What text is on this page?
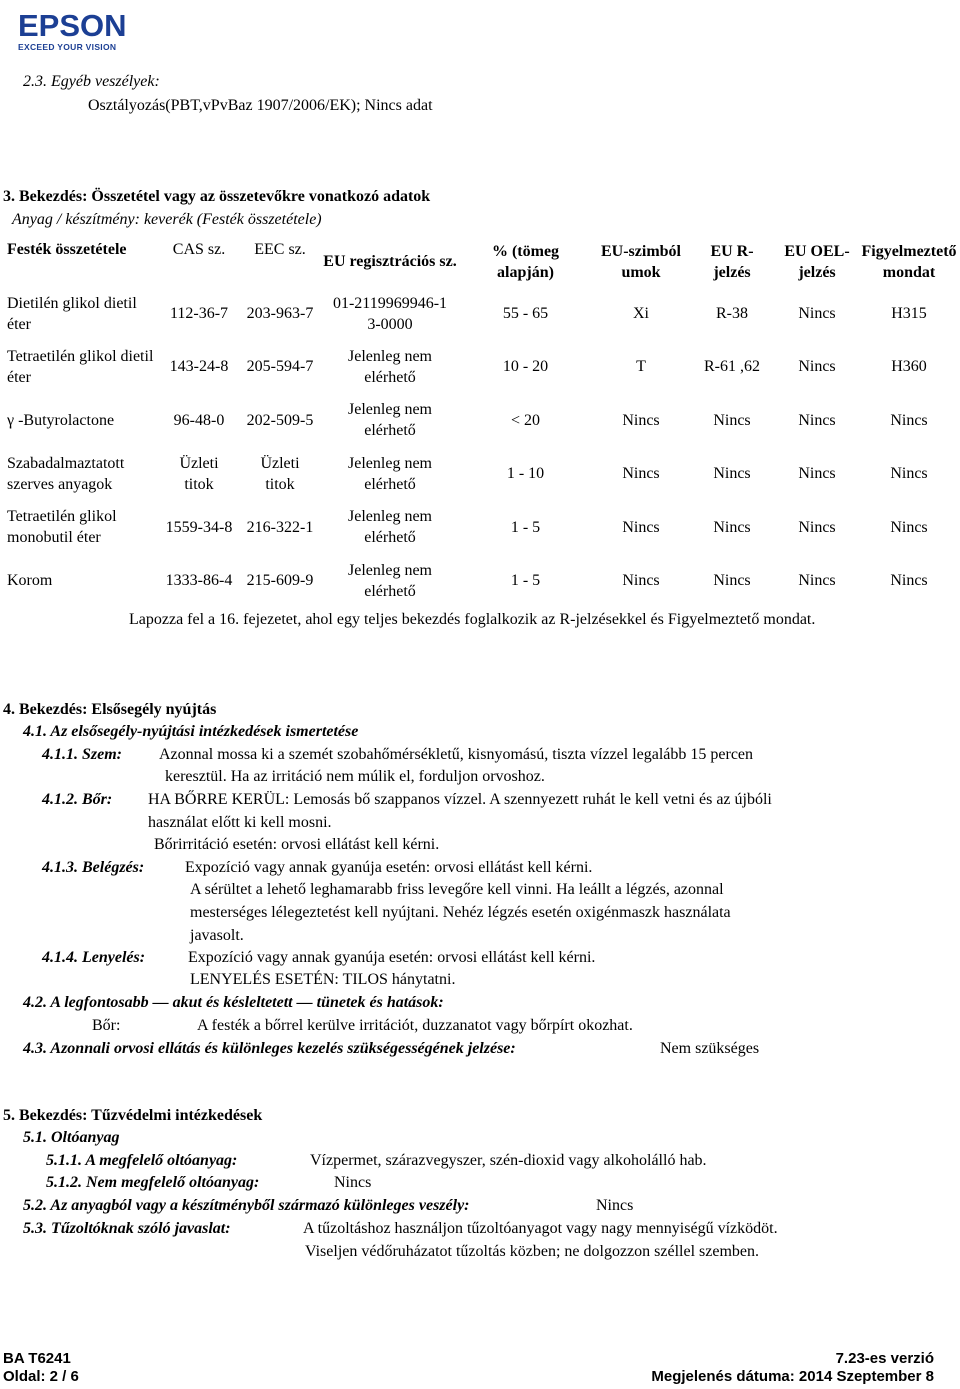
EPSON
EXCEED YOUR VISION
2.3. Egyéb veszélyek:
Osztályozás(PBT,vPvBaz 1907/2006/EK); Nincs adat
3. Bekezdés: Összetétel vagy az összetevőkre vonatkozó adatok
Anyag / készítmény: keverék (Festék összetétele)
Festék összetétele	CAS sz.	EEC sz.	EU regisztrációs sz.	% (tömeg alapján)	EU-szimbólumok	EU R-jelzés	EU OEL-jelzés	Figyelmeztető mondat
Dietilén glikol dietil éter	112-36-7	203-963-7	01-2119969946-13-0000	55 - 65	Xi	R-38	Nincs	H315
Tetraetilén glikol dietil éter	143-24-8	205-594-7	Jelenleg nem elérhető	10 - 20	T	R-61 ,62	Nincs	H360
γ -Butyrolactone	96-48-0	202-509-5	Jelenleg nem elérhető	< 20	Nincs	Nincs	Nincs	Nincs
Szabadalmaztatott szerves anyagok	Üzleti titok	Üzleti titok	Jelenleg nem elérhető	1 - 10	Nincs	Nincs	Nincs	Nincs
Tetraetilén glikol monobutil éter	1559-34-8	216-322-1	Jelenleg nem elérhető	1 - 5	Nincs	Nincs	Nincs	Nincs
Korom	1333-86-4	215-609-9	Jelenleg nem elérhető	1 - 5	Nincs	Nincs	Nincs	Nincs
Lapozza fel a 16. fejezetet, ahol egy teljes bekezdés foglalkozik az R-jelzésekkel és Figyelmeztető mondat.
4. Bekezdés: Elsősegély nyújtás
4.1. Az elsősegély-nyújtási intézkedések ismertetése
4.1.1. Szem: Azonnal mossa ki a szemét szobahőmérsékletű, kisnyomású, tiszta vízzel legalább 15 percen
keresztül. Ha az irritáció nem múlik el, forduljon orvoshoz.
4.1.2. Bőr: HA BŐRRE KERÜL: Lemosás bő szappanos vízzel. A szennyezett ruhát le kell vetni és az újbóli
használat előtt ki kell mosni.
Bőrirritáció esetén: orvosi ellátást kell kérni.
4.1.3. Belégzés:	Expozíció vagy annak gyanúja esetén: orvosi ellátást kell kérni.
A sérültet a lehető leghamarabb friss levegőre kell vinni. Ha leállt a légzés, azonnal
mesterséges lélegeztetést kell nyújtani. Nehéz légzés esetén oxigénmaszk használata
javasolt.
4.1.4. Lenyelés:	Expozíció vagy annak gyanúja esetén: orvosi ellátást kell kérni.
LENYELÉS ESETÉN: TILOS hánytatni.
4.2. A legfontosabb — akut és késleltetett — tünetek és hatások:
Bőr:	A festék a bőrrel kerülve irritációt, duzzanatot vagy bőrpírt okozhat.
4.3. Azonnali orvosi ellátás és különleges kezelés szükségességének jelzése:	Nem szükséges
5. Bekezdés: Tűzvédelmi intézkedések
5.1. Oltóanyag
5.1.1. A megfelelő oltóanyag:	Vízpermet, szárazvegyszer, szén-dioxid vagy alkoholálló hab.
5.1.2. Nem megfelelő oltóanyag:	Nincs
5.2. Az anyagból vagy a készítményből származó különleges veszély:	Nincs
5.3. Tűzoltóknak szóló javaslat:	A tűzoltáshoz használjon tűzoltóanyagot vagy nagy mennyiségű vízködöt.
Viseljen védőruházatot tűzoltás közben; ne dolgozzon széllel szemben.
BA T6241
Oldal: 2 / 6
7.23-es verzió
Megjelenés dátuma: 2014 Szeptember 8
